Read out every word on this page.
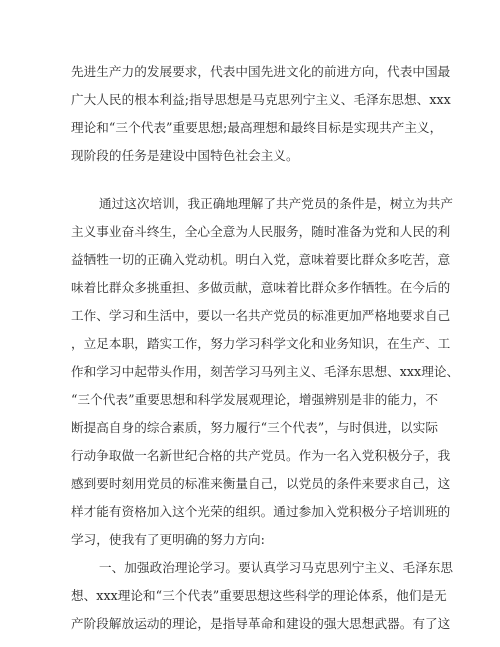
先进生产力的发展要求，代表中国先进文化的前进方向，代表中国最
广大人民的根本利益;指导思想是马克思列宁主义、毛泽东思想、xxx
理论和“三个代表”重要思想;最高理想和最终目标是实现共产主义，
现阶段的任务是建设中国特色社会主义。
通过这次培训，我正确地理解了共产党员的条件是，树立为共产
主义事业奋斗终生，全心全意为人民服务，随时准备为党和人民的利
益牺牲一切的正确入党动机。明白入党，意味着要比群众多吃苦，意
味着比群众多挑重担、多做贡献，意味着比群众多作牺牲。在今后的
工作、学习和生活中，要以一名共产党员的标准更加严格地要求自己
，立足本职，踏实工作，努力学习科学文化和业务知识，在生产、工
作和学习中起带头作用，刻苦学习马列主义、毛泽东思想、xxx理论、
“三个代表”重要思想和科学发展观理论，增强辨别是非的能力，不
断提高自身的综合素质，努力履行“三个代表”，与时俱进，以实际
行动争取做一名新世纪合格的共产党员。作为一名入党积极分子，我
感到要时刻用党员的标准来衡量自己，以党员的条件来要求自己，这
样才能有资格加入这个光荣的组织。通过参加入党积极分子培训班的
学习，使我有了更明确的努力方向:
一、加强政治理论学习。要认真学习马克思列宁主义、毛泽东思
想、xxx理论和“三个代表”重要思想这些科学的理论体系，他们是无
产阶段解放运动的理论，是指导革命和建设的强大思想武器。有了这
